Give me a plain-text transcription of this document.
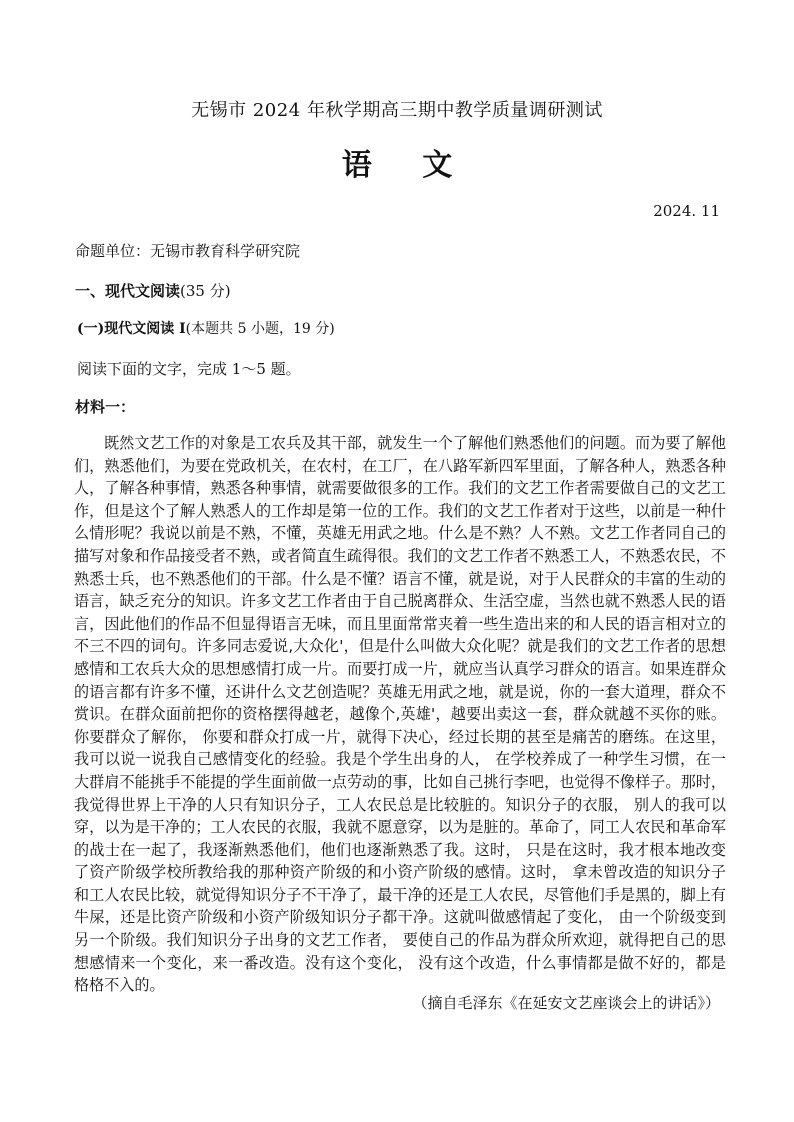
无锡市 2024 年秋学期高三期中教学质量调研测试
语 文
2024. 11
命题单位：无锡市教育科学研究院
一、现代文阅读(35 分)
(一)现代文阅读 I(本题共 5 小题，19 分)
阅读下面的文字，完成 1～5 题。
材料一：

既然文艺工作的对象是工农兵及其干部，就发生一个了解他们熟悉他们的问题。而为要了解他们，熟悉他们，为要在党政机关，在农村，在工厂，在八路军新四军里面，了解各种人，熟悉各种人，了解各种事情，熟悉各种事情，就需要做很多的工作。我们的文艺工作者需要做自己的文艺工作，但是这个了解人熟悉人的工作却是第一位的工作。我们的文艺工作者对于这些，以前是一种什么情形呢？我说以前是不熟，不懂，英雄无用武之地。什么是不熟？人不熟。文艺工作者同自己的描写对象和作品接受者不熟，或者简直生疏得很。我们的文艺工作者不熟悉工人，不熟悉农民，不熟悉士兵，也不熟悉他们的干部。什么是不懂？语言不懂，就是说，对于人民群众的丰富的生动的语言，缺乏充分的知识。许多文艺工作者由于自己脱离群众、生活空虚，当然也就不熟悉人民的语言，因此他们的作品不但显得语言无味，而且里面常常夹着一些生造出来的和人民的语言相对立的不三不四的词句。许多同志爱说‚大众化'，但是什么叫做大众化呢？就是我们的文艺工作者的思想感情和工农兵大众的思想感情打成一片。而要打成一片，就应当认真学习群众的语言。如果连群众的语言都有许多不懂，还讲什么文艺创造呢？英雄无用武之地，就是说，你的一套大道理，群众不赏识。在群众面前把你的资格摆得越老，越像个‚英雄'，越要出卖这一套，群众就越不买你的账。你要群众了解你， 你要和群众打成一片，就得下决心，经过长期的甚至是痛苦的磨练。在这里， 我可以说一说我自己感情变化的经验。我是个学生出身的人， 在学校养成了一种学生习惯，在一大群肩不能挑手不能提的学生面前做一点劳动的事，比如自己挑行李吧，也觉得不像样子。那时， 我觉得世界上干净的人只有知识分子，工人农民总是比较脏的。知识分子的衣服， 别人的我可以穿，以为是干净的；工人农民的衣服，我就不愿意穿，以为是脏的。革命了，同工人农民和革命军的战士在一起了，我逐渐熟悉他们，他们也逐渐熟悉了我。这时， 只是在这时，我才根本地改变了资产阶级学校所教给我的那种资产阶级的和小资产阶级的感情。这时， 拿未曾改造的知识分子和工人农民比较，就觉得知识分子不干净了，最干净的还是工人农民，尽管他们手是黑的，脚上有牛屎，还是比资产阶级和小资产阶级知识分子都干净。这就叫做感情起了变化， 由一个阶级变到另一个阶级。我们知识分子出身的文艺工作者， 要使自己的作品为群众所欢迎，就得把自己的思想感情来一个变化，来一番改造。没有这个变化， 没有这个改造，什么事情都是做不好的，都是格格不入的。

（摘自毛泽东《在延安文艺座谈会上的讲话》）
